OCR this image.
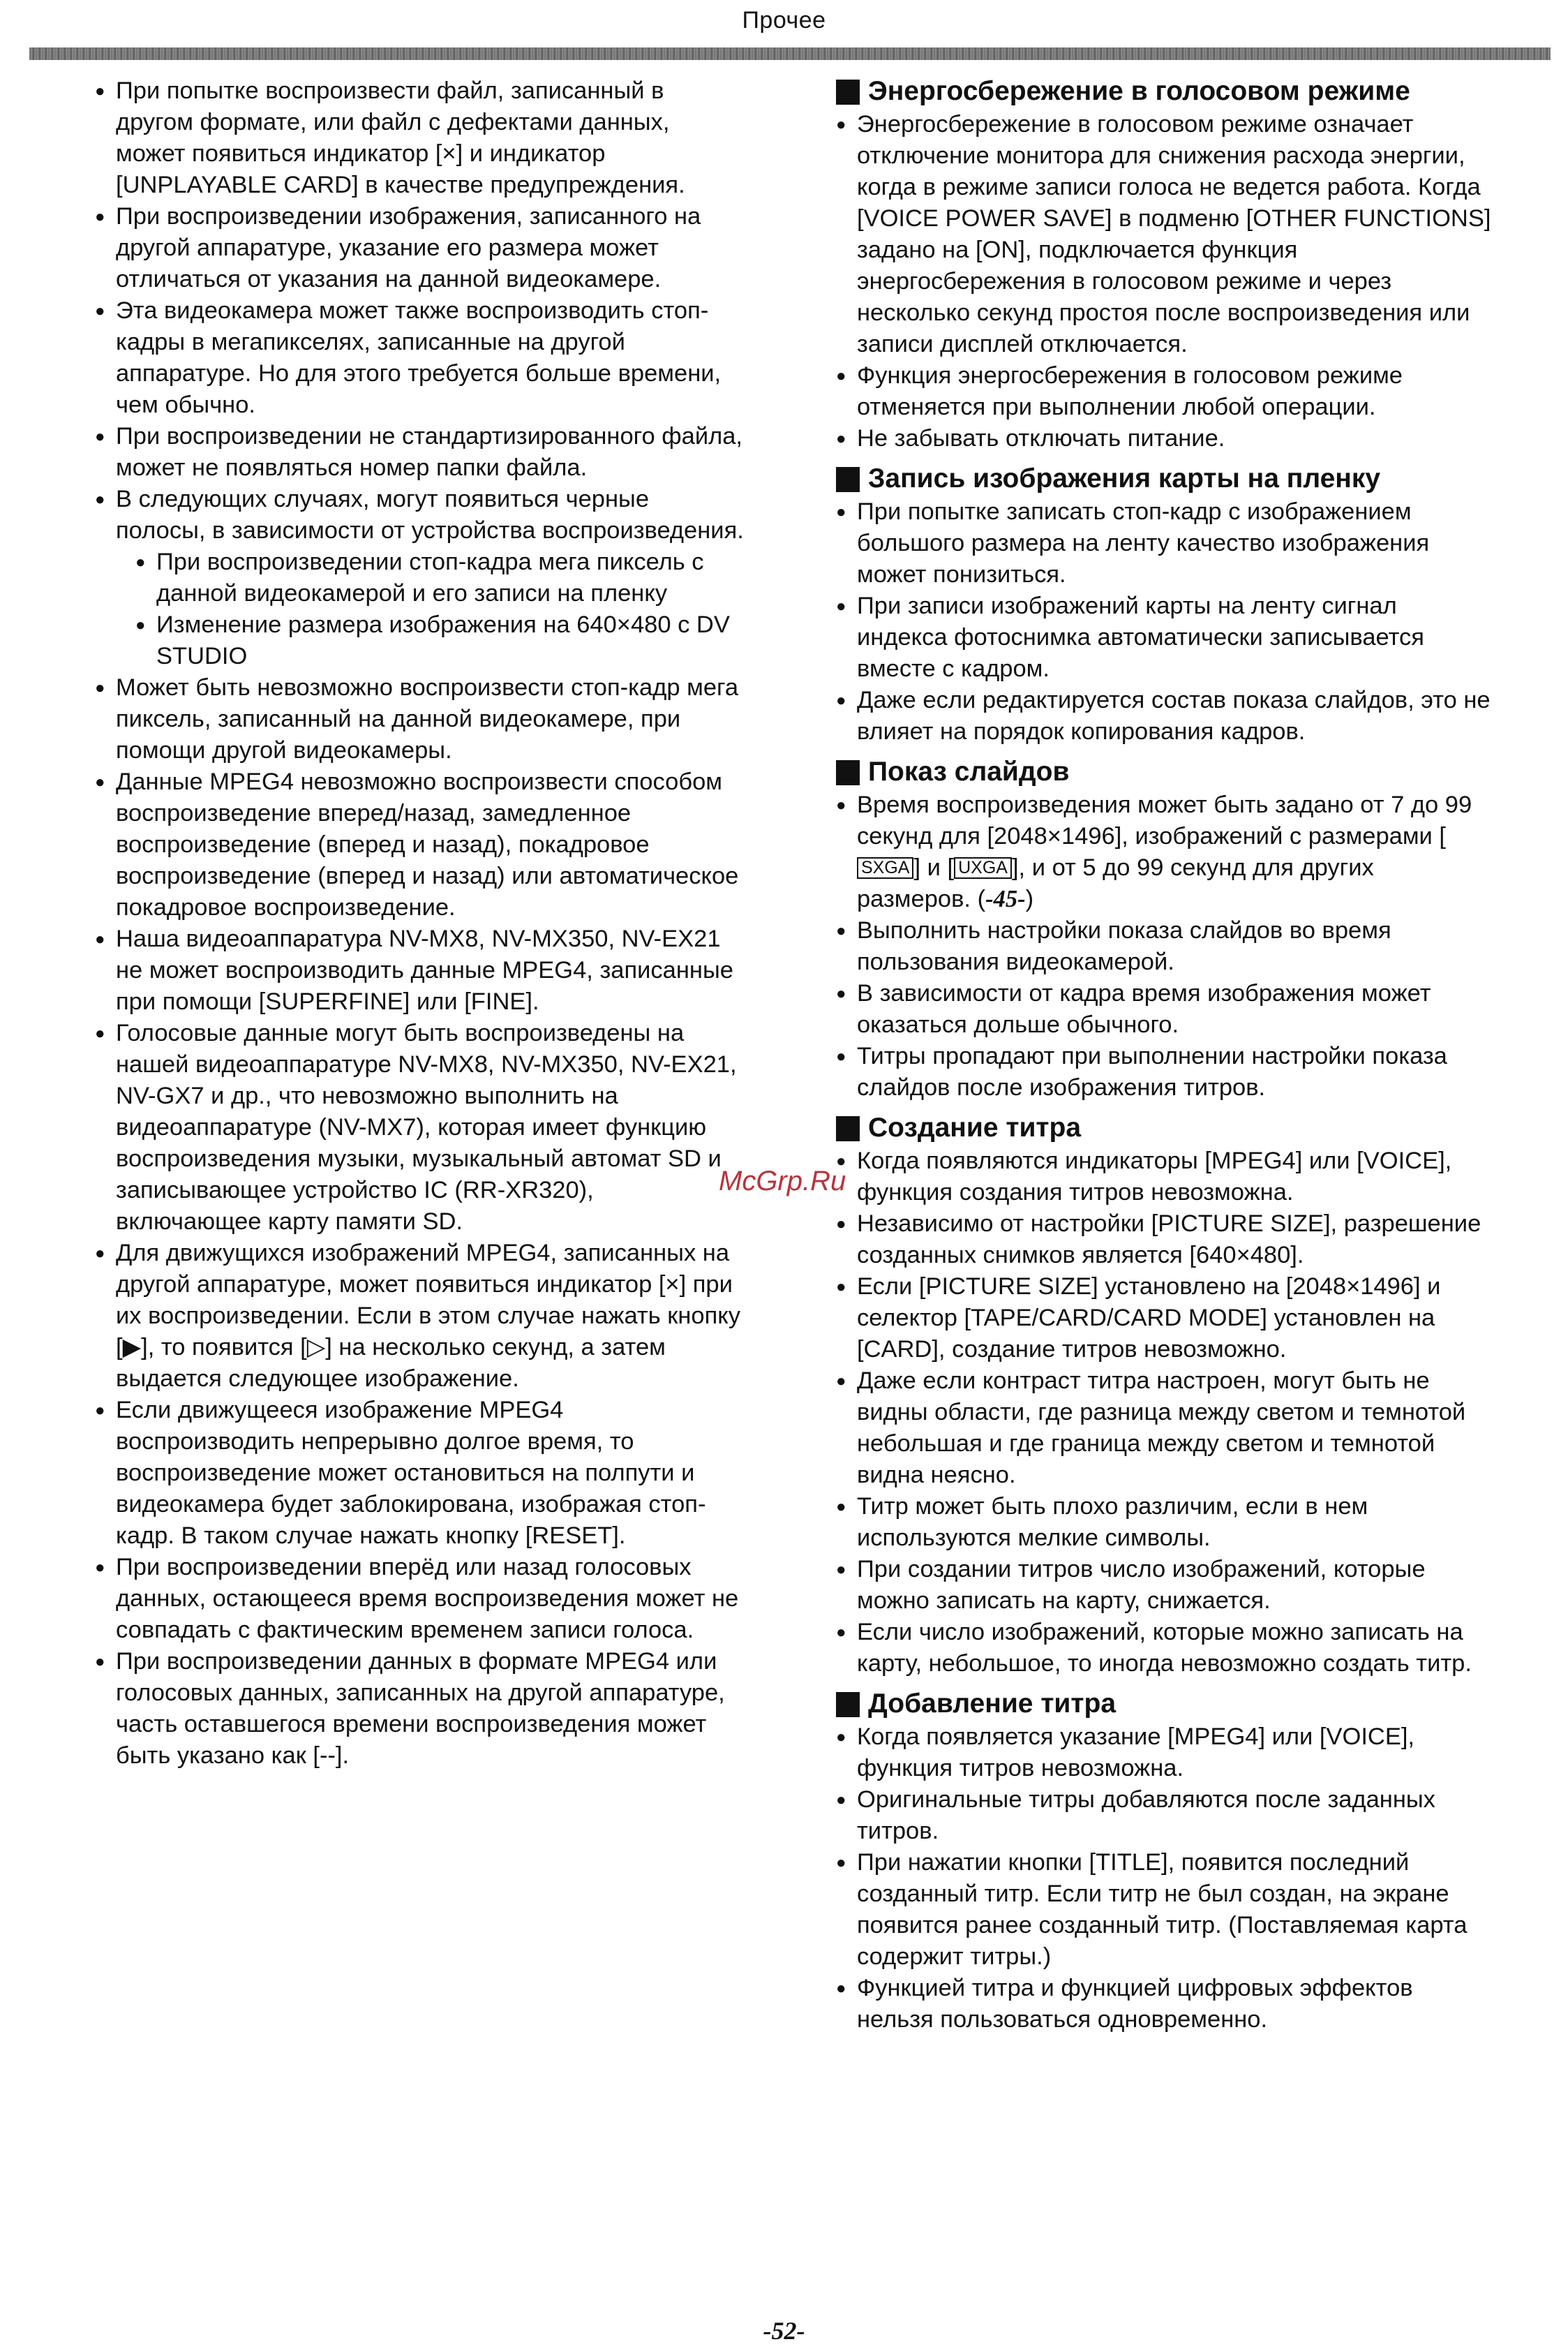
Прочее
● При попытке воспроизвести файл, записанный в другом формате, или файл с дефектами данных, может появиться индикатор [×] и индикатор [UNPLAYABLE CARD] в качестве предупреждения.
● При воспроизведении изображения, записанного на другой аппаратуре, указание его размера может отличаться от указания на данной видеокамере.
● Эта видеокамера может также воспроизводить стоп-кадры в мегапикселях, записанные на другой аппаратуре. Но для этого требуется больше времени, чем обычно.
● При воспроизведении не стандартизированного файла, может не появляться номер папки файла.
● В следующих случаях, могут появиться черные полосы, в зависимости от устройства воспроизведения.
● При воспроизведении стоп-кадра мега пиксель с данной видеокамерой и его записи на пленку
● Изменение размера изображения на 640×480 с DV STUDIO
● Может быть невозможно воспроизвести стоп-кадр мега пиксель, записанный на данной видеокамере, при помощи другой видеокамеры.
● Данные MPEG4 невозможно воспроизвести способом воспроизведение вперед/назад, замедленное воспроизведение (вперед и назад), покадровое воспроизведение (вперед и назад) или автоматическое покадровое воспроизведение.
● Наша видеоаппаратура NV-MX8, NV-MX350, NV-EX21 не может воспроизводить данные MPEG4, записанные при помощи [SUPERFINE] или [FINE].
● Голосовые данные могут быть воспроизведены на нашей видеоаппаратуре NV-MX8, NV-MX350, NV-EX21, NV-GX7 и др., что невозможно выполнить на видеоаппаратуре (NV-MX7), которая имеет функцию воспроизведения музыки, музыкальный автомат SD и записывающее устройство IC (RR-XR320), включающее карту памяти SD.
● Для движущихся изображений MPEG4, записанных на другой аппаратуре, может появиться индикатор [×] при их воспроизведении. Если в этом случае нажать кнопку [▶], то появится [▷] на несколько секунд, а затем выдается следующее изображение.
● Если движущееся изображение MPEG4 воспроизводить непрерывно долгое время, то воспроизведение может остановиться на полпути и видеокамера будет заблокирована, изображая стоп-кадр. В таком случае нажать кнопку [RESET].
● При воспроизведении вперёд или назад голосовых данных, остающееся время воспроизведения может не совпадать с фактическим временем записи голоса.
● При воспроизведении данных в формате MPEG4 или голосовых данных, записанных на другой аппаратуре, часть оставшегося времени воспроизведения может быть указано как [--].
Энергосбережение в голосовом режиме
● Энергосбережение в голосовом режиме означает отключение монитора для снижения расхода энергии, когда в режиме записи голоса не ведется работа. Когда [VOICE POWER SAVE] в подменю [OTHER FUNCTIONS] задано на [ON], подключается функция энергосбережения в голосовом режиме и через несколько секунд простоя после воспроизведения или записи дисплей отключается.
● Функция энергосбережения в голосовом режиме отменяется при выполнении любой операции.
● Не забывать отключать питание.
Запись изображения карты на пленку
● При попытке записать стоп-кадр с изображением большого размера на ленту качество изображения может понизиться.
● При записи изображений карты на ленту сигнал индекса фотоснимка автоматически записывается вместе с кадром.
● Даже если редактируется состав показа слайдов, это не влияет на порядок копирования кадров.
Показ слайдов
● Время воспроизведения может быть задано от 7 до 99 секунд для [2048×1496], изображений с размерами [SXGA ] и [ UXGA ], и от 5 до 99 секунд для других размеров. (-45-)
● Выполнить настройки показа слайдов во время пользования видеокамерой.
● В зависимости от кадра время изображения может оказаться дольше обычного.
● Титры пропадают при выполнении настройки показа слайдов после изображения титров.
Создание титра
● Когда появляются индикаторы [MPEG4] или [VOICE], функция создания титров невозможна.
● Независимо от настройки [PICTURE SIZE], разрешение созданных снимков является [640×480].
● Если [PICTURE SIZE] установлено на [2048×1496] и селектор [TAPE/CARD/CARD MODE] установлен на [CARD], создание титров невозможно.
● Даже если контраст титра настроен, могут быть не видны области, где разница между светом и темнотой небольшая и где граница между светом и темнотой видна неясно.
● Титр может быть плохо различим, если в нем используются мелкие символы.
● При создании титров число изображений, которые можно записать на карту, снижается.
● Если число изображений, которые можно записать на карту, небольшое, то иногда невозможно создать титр.
Добавление титра
● Когда появляется указание [MPEG4] или [VOICE], функция титров невозможна.
● Оригинальные титры добавляются после заданных титров.
● При нажатии кнопки [TITLE], появится последний созданный титр. Если титр не был создан, на экране появится ранее созданный титр. (Поставляемая карта содержит титры.)
● Функцией титра и функцией цифровых эффектов нельзя пользоваться одновременно.
McGrp.Ru
-52-
